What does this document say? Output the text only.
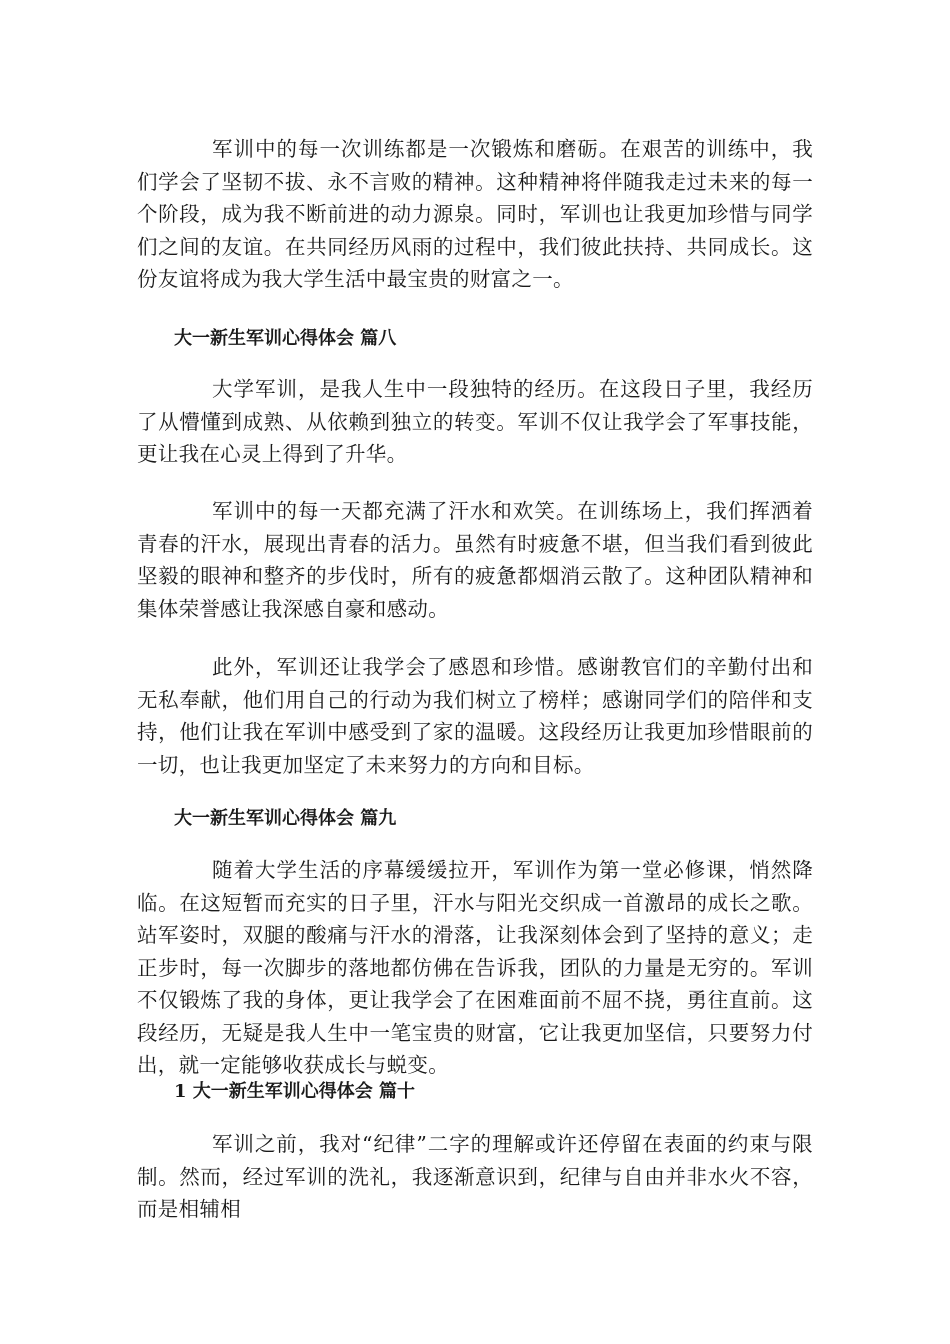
军训中的每一次训练都是一次锻炼和磨砺。在艰苦的训练中，我们学会了坚韧不拔、永不言败的精神。这种精神将伴随我走过未来的每一个阶段，成为我不断前进的动力源泉。同时，军训也让我更加珍惜与同学们之间的友谊。在共同经历风雨的过程中，我们彼此扶持、共同成长。这份友谊将成为我大学生活中最宝贵的财富之一。

大一新生军训心得体会 篇八

大学军训，是我人生中一段独特的经历。在这段日子里，我经历了从懵懂到成熟、从依赖到独立的转变。军训不仅让我学会了军事技能，更让我在心灵上得到了升华。

军训中的每一天都充满了汗水和欢笑。在训练场上，我们挥洒着青春的汗水，展现出青春的活力。虽然有时疲惫不堪，但当我们看到彼此坚毅的眼神和整齐的步伐时，所有的疲惫都烟消云散了。这种团队精神和集体荣誉感让我深感自豪和感动。

此外，军训还让我学会了感恩和珍惜。感谢教官们的辛勤付出和无私奉献，他们用自己的行动为我们树立了榜样；感谢同学们的陪伴和支持，他们让我在军训中感受到了家的温暖。这段经历让我更加珍惜眼前的一切，也让我更加坚定了未来努力的方向和目标。

大一新生军训心得体会 篇九

随着大学生活的序幕缓缓拉开，军训作为第一堂必修课，悄然降临。在这短暂而充实的日子里，汗水与阳光交织成一首激昂的成长之歌。站军姿时，双腿的酸痛与汗水的滑落，让我深刻体会到了坚持的意义；走正步时，每一次脚步的落地都仿佛在告诉我，团队的力量是无穷的。军训不仅锻炼了我的身体，更让我学会了在困难面前不屈不挠，勇往直前。这段经历，无疑是我人生中一笔宝贵的财富，它让我更加坚信，只要努力付出，就一定能够收获成长与蜕变。

1 大一新生军训心得体会 篇十

军训之前，我对“纪律”二字的理解或许还停留在表面的约束与限制。然而，经过军训的洗礼，我逐渐意识到，纪律与自由并非水火不容，而是相辅相
